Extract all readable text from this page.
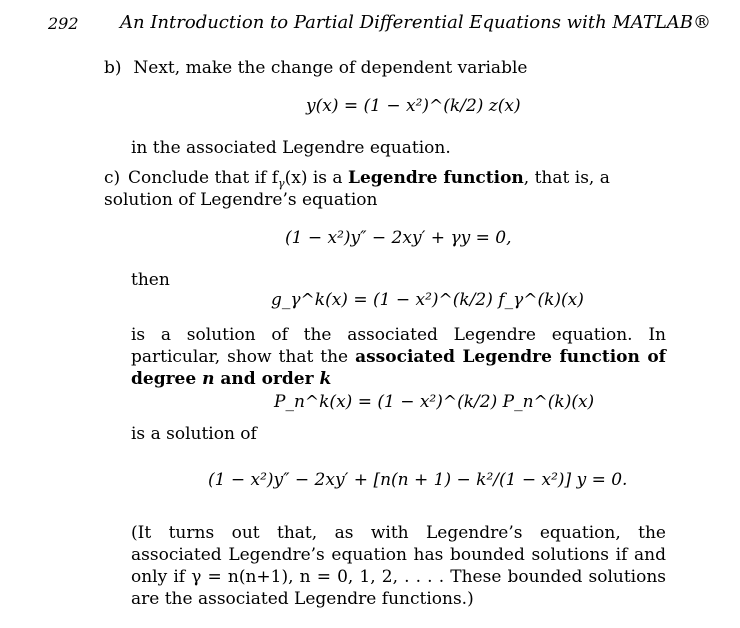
292 An Introduction to Partial Differential Equations with MATLAB®
b) Next, make the change of dependent variable
y(x) = (1 − x²)^(k/2) z(x)
in the associated Legendre equation.
c) Conclude that if $f_\gamma(x)$ is a Legendre function, that is, a solution of Legendre’s equation
(1 − x²)y″ − 2xy′ + γy = 0,
then
g_γ^k(x) = (1 − x²)^(k/2) f_γ^(k)(x)
is a solution of the associated Legendre equation. In particular, show that the associated Legendre function of degree n and order k
P_n^k(x) = (1 − x²)^(k/2) P_n^(k)(x)
is a solution of
(1 − x²)y″ − 2xy′ + [n(n + 1) − k²/(1 − x²)] y = 0.
(It turns out that, as with Legendre’s equation, the associated Legendre’s equation has bounded solutions if and only if γ = n(n+1), n = 0, 1, 2, . . . . These bounded solutions are the associated Legendre functions.)
